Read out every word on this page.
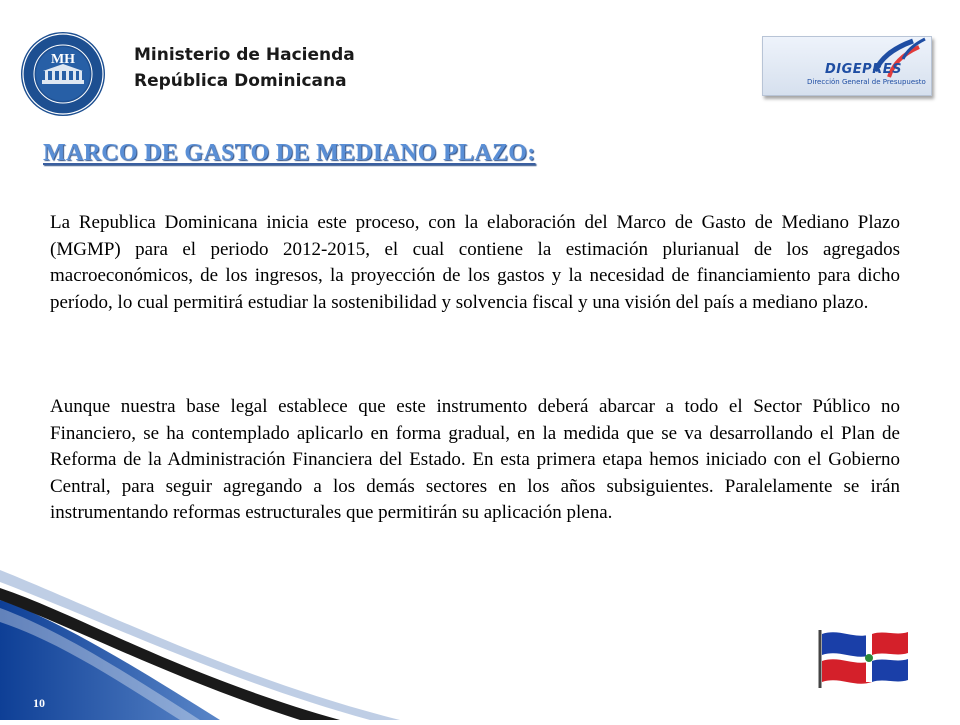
MH	Ministerio de Hacienda
República Dominicana
DIGEPRES
Dirección General de Presupuesto
MARCO DE GASTO DE MEDIANO PLAZO:

La Republica Dominicana inicia este proceso, con la elaboración del Marco de Gasto de Mediano Plazo (MGMP) para el periodo 2012-2015, el cual contiene la estimación plurianual de los agregados macroeconómicos, de los ingresos, la proyección de los gastos y la necesidad de financiamiento para dicho período, lo cual permitirá estudiar la sostenibilidad y solvencia fiscal y una visión del país a mediano plazo.

Aunque nuestra base legal establece que este instrumento deberá abarcar a todo el Sector Público no Financiero, se ha contemplado aplicarlo en forma gradual, en la medida que se va desarrollando el Plan de Reforma de la Administración Financiera del Estado. En esta primera etapa hemos iniciado con el Gobierno Central, para seguir agregando a los demás sectores en los años subsiguientes. Paralelamente se irán instrumentando reformas estructurales que permitirán su aplicación plena.

10
